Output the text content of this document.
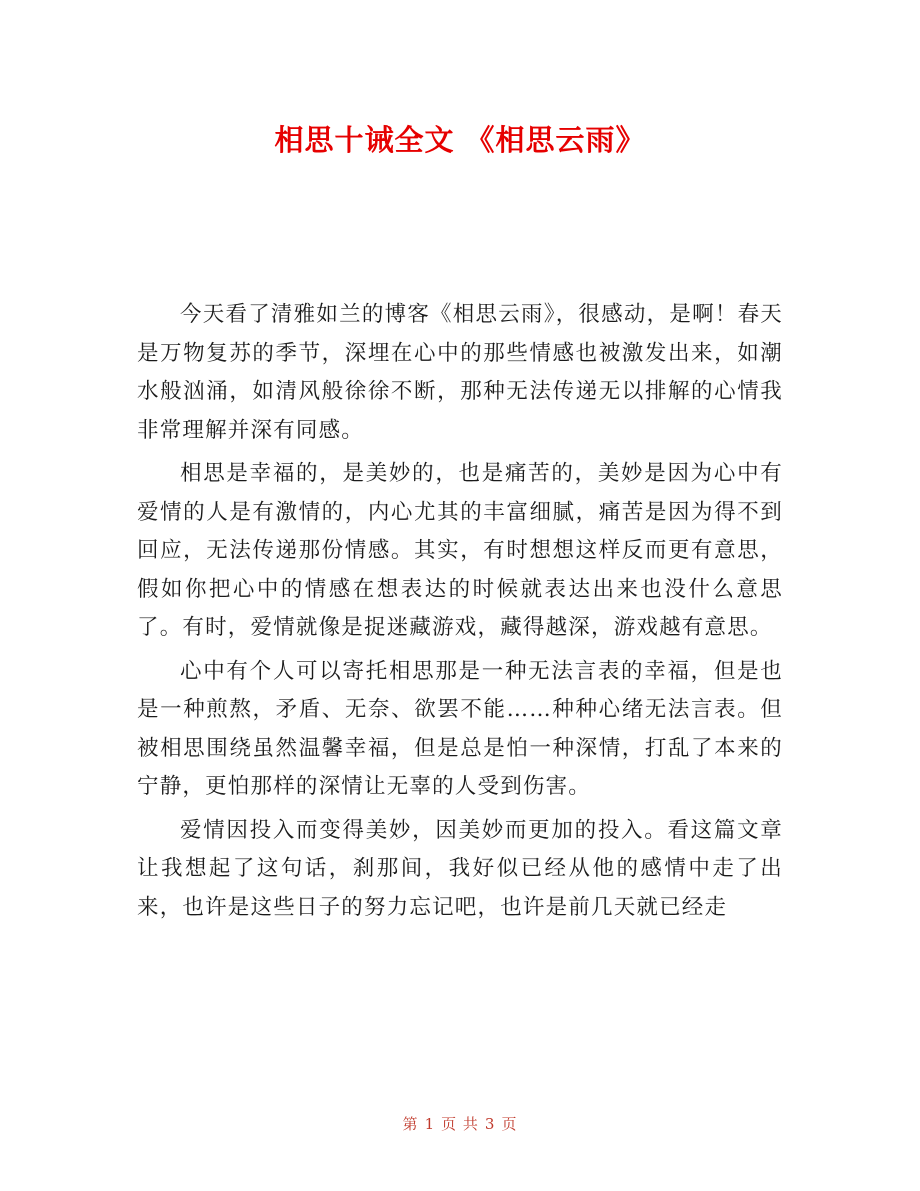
相思十诫全文 《相思云雨》

今天看了清雅如兰的博客《相思云雨》，很感动，是啊！春天是万物复苏的季节，深埋在心中的那些情感也被激发出来，如潮水般汹涌，如清风般徐徐不断，那种无法传递无以排解的心情我非常理解并深有同感。

相思是幸福的，是美妙的，也是痛苦的，美妙是因为心中有爱情的人是有激情的，内心尤其的丰富细腻，痛苦是因为得不到回应，无法传递那份情感。其实，有时想想这样反而更有意思，假如你把心中的情感在想表达的时候就表达出来也没什么意思了。有时，爱情就像是捉迷藏游戏，藏得越深，游戏越有意思。

心中有个人可以寄托相思那是一种无法言表的幸福，但是也是一种煎熬，矛盾、无奈、欲罢不能……种种心绪无法言表。但被相思围绕虽然温馨幸福，但是总是怕一种深情，打乱了本来的宁静，更怕那样的深情让无辜的人受到伤害。

爱情因投入而变得美妙，因美妙而更加的投入。看这篇文章让我想起了这句话，刹那间，我好似已经从他的感情中走了出来，也许是这些日子的努力忘记吧，也许是前几天就已经走

第 1 页 共 3 页
